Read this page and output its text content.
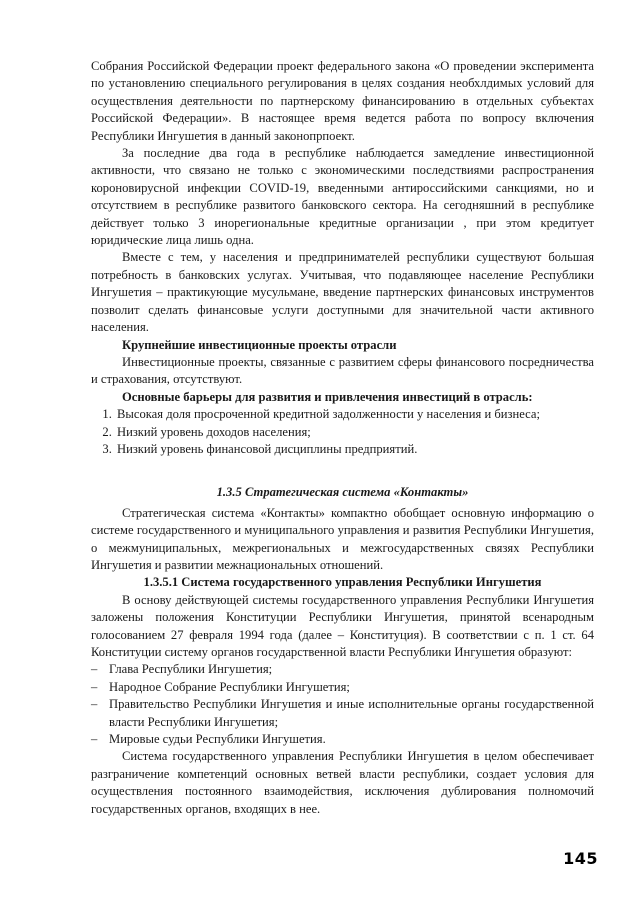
Собрания Российской Федерации проект федерального закона «О проведении эксперимента по установлению специального регулирования в целях создания необхлдимых условий для осуществления деятельности по партнерскому финансированию в отдельных субъектах Российской Федерации». В настоящее время ведется работа по вопросу включения Республики Ингушетия в данный законопрпоект.

За последние два года в республике наблюдается замедление инвестиционной активности, что связано не только с экономическими последствиями распространения короновирусной инфекции COVID-19, введенными антироссийскими санкциями, но и отсутствием в республике развитого банковского сектора. На сегодняшний в республике действует только 3 инорегиональные кредитные организации , при этом кредитует юридические лица лишь одна.

Вместе с тем, у населения и предпринимателей республики существуют большая потребность в банковских услугах. Учитывая, что подавляющее население Республики Ингушетия – практикующие мусульмане, введение партнерских финансовых инструментов позволит сделать финансовые услуги доступными для значительной части активного населения.

Крупнейшие инвестиционные проекты отрасли

Инвестиционные проекты, связанные с развитием сферы финансового посредничества и страхования, отсутствуют.

Основные барьеры для развития и привлечения инвестиций в отрасль:

1. Высокая доля просроченной кредитной задолженности у населения и бизнеса;
2. Низкий уровень доходов населения;
3. Низкий уровень финансовой дисциплины предприятий.
1.3.5 Стратегическая система «Контакты»

Стратегическая система «Контакты» компактно обобщает основную информацию о системе государственного и муниципального управления и развития Республики Ингушетия, о межмуниципальных, межрегиональных и межгосударственных связях Республики Ингушетия и развитии межнациональных отношений.

1.3.5.1 Система государственного управления Республики Ингушетия

В основу действующей системы государственного управления Республики Ингушетия заложены положения Конституции Республики Ингушетия, принятой всенародным голосованием 27 февраля 1994 года (далее – Конституция). В соответствии с п. 1 ст. 64 Конституции систему органов государственной власти Республики Ингушетия образуют:

– Глава Республики Ингушетия;
– Народное Собрание Республики Ингушетия;
– Правительство Республики Ингушетия и иные исполнительные органы государственной власти Республики Ингушетия;
– Мировые судьи Республики Ингушетия.

Система государственного управления Республики Ингушетия в целом обеспечивает разграничение компетенций основных ветвей власти республики, создает условия для осуществления постоянного взаимодействия, исключения дублирования полномочий государственных органов, входящих в нее.

145
